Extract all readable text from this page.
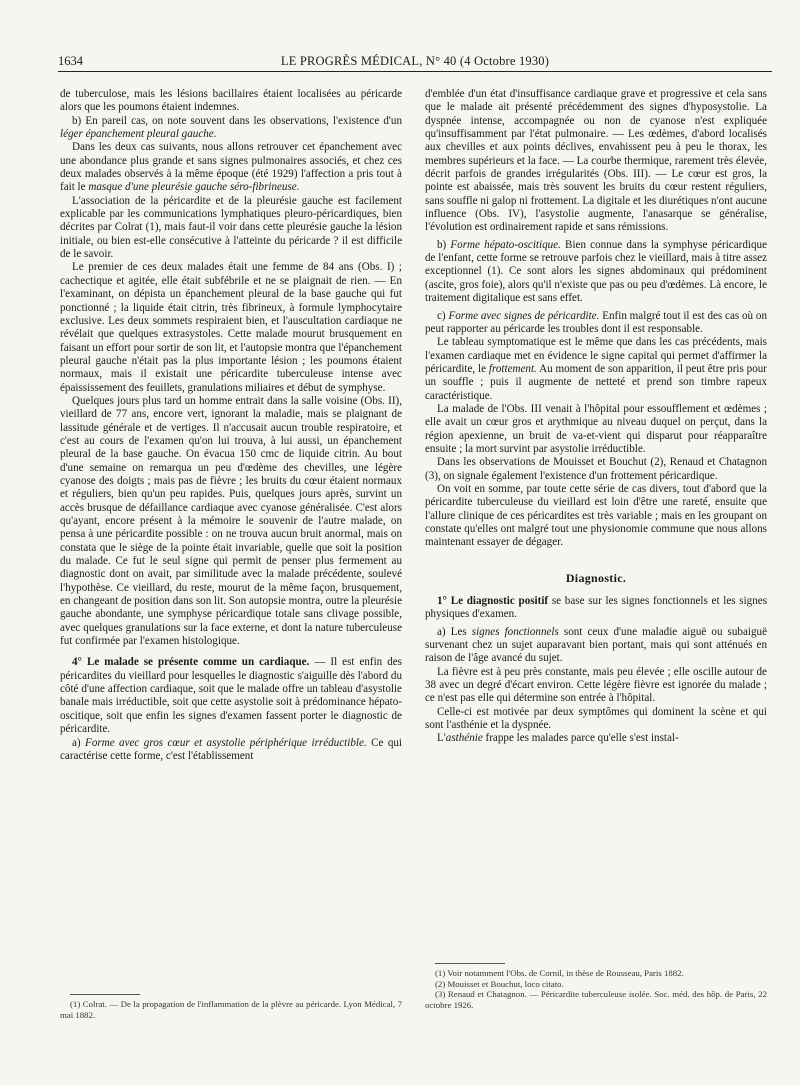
1634	LE PROGRÈS MÉDICAL, N° 40 (4 Octobre 1930)

de tuberculose, mais les lésions bacillaires étaient localisées au péricarde alors que les poumons étaient indemnes.

b) En pareil cas, on note souvent dans les observations, l'existence d'un léger épanchement pleural gauche.

Dans les deux cas suivants, nous allons retrouver cet épanchement avec une abondance plus grande et sans signes pulmonaires associés, et chez ces deux malades observés à la même époque (été 1929) l'affection a pris tout à fait le masque d'une pleurésie gauche séro-fibrineuse.

L'association de la péricardite et de la pleurésie gauche est facilement explicable par les communications lymphatiques pleuro-péricardiques, bien décrites par Colrat (1), mais faut-il voir dans cette pleurésie gauche la lésion initiale, ou bien est-elle consécutive à l'atteinte du péricarde ? il est difficile de le savoir.

Le premier de ces deux malades était une femme de 84 ans (Obs. I) ; cachectique et agitée, elle était subfébrile et ne se plaignait de rien. — En l'examinant, on dépista un épanchement pleural de la base gauche qui fut ponctionné ; la liquide était citrin, très fibrineux, à formule lymphocytaire exclusive. Les deux sommets respiraient bien, et l'auscultation cardiaque ne révélait que quelques extrasystoles. Cette malade mourut brusquement en faisant un effort pour sortir de son lit, et l'autopsie montra que l'épanchement pleural gauche n'était pas la plus importante lésion ; les poumons étaient normaux, mais il existait une péricardite tuberculeuse intense avec épaississement des feuillets, granulations miliaires et début de symphyse.

Quelques jours plus tard un homme entrait dans la salle voisine (Obs. II), vieillard de 77 ans, encore vert, ignorant la maladie, mais se plaignant de lassitude générale et de vertiges. Il n'accusait aucun trouble respiratoire, et c'est au cours de l'examen qu'on lui trouva, à lui aussi, un épanchement pleural de la base gauche. On évacua 150 cmc de liquide citrin. Au bout d'une semaine on remarqua un peu d'œdème des chevilles, une légère cyanose des doigts ; mais pas de fièvre ; les bruits du cœur étaient normaux et réguliers, bien qu'un peu rapides. Puis, quelques jours après, survint un accès brusque de défaillance cardiaque avec cyanose généralisée. C'est alors qu'ayant, encore présent à la mémoire le souvenir de l'autre malade, on pensa à une péricardite possible : on ne trouva aucun bruit anormal, mais on constata que le siège de la pointe était invariable, quelle que soit la position du malade. Ce fut le seul signe qui permit de penser plus fermement au diagnostic dont on avait, par similitude avec la malade précédente, soulevé l'hypothèse. Ce vieillard, du reste, mourut de la même façon, brusquement, en changeant de position dans son lit. Son autopsie montra, outre la pleurésie gauche abondante, une symphyse péricardique totale sans clivage possible, avec quelques granulations sur la face externe, et dont la nature tuberculeuse fut confirmée par l'examen histologique.

4° Le malade se présente comme un cardiaque. — Il est enfin des péricardites du vieillard pour lesquelles le diagnostic s'aiguille dès l'abord du côté d'une affection cardiaque, soit que le malade offre un tableau d'asystolie banale mais irréductible, soit que cette asystolie soit à prédominance hépato-oscitique, soit que enfin les signes d'examen fassent porter le diagnostic de péricardite.

a) Forme avec gros cœur et asystolie périphérique irréductible. Ce qui caractérise cette forme, c'est l'établissement

(1) Colrat. — De la propagation de l'inflammation de la plèvre au péricarde. Lyon Médical, 7 mai 1882.

d'emblée d'un état d'insuffisance cardiaque grave et progressive et cela sans que le malade ait présenté précédemment des signes d'hyposystolie. La dyspnée intense, accompagnée ou non de cyanose n'est expliquée qu'insuffisamment par l'état pulmonaire. — Les œdèmes, d'abord localisés aux chevilles et aux points déclives, envahissent peu à peu le thorax, les membres supérieurs et la face. — La courbe thermique, rarement très élevée, décrit parfois de grandes irrégularités (Obs. III). — Le cœur est gros, la pointe est abaissée, mais très souvent les bruits du cœur restent réguliers, sans souffle ni galop ni frottement. La digitale et les diurétiques n'ont aucune influence (Obs. IV), l'asystolie augmente, l'anasarque se généralise, l'évolution est ordinairement rapide et sans rémissions.

b) Forme hépato-oscitique. Bien connue dans la symphyse péricardique de l'enfant, cette forme se retrouve parfois chez le vieillard, mais à titre assez exceptionnel (1). Ce sont alors les signes abdominaux qui prédominent (ascite, gros foie), alors qu'il n'existe que pas ou peu d'œdèmes. Là encore, le traitement digitalique est sans effet.

c) Forme avec signes de péricardite. Enfin malgré tout il est des cas où on peut rapporter au péricarde les troubles dont il est responsable.

Le tableau symptomatique est le même que dans les cas précédents, mais l'examen cardiaque met en évidence le signe capital qui permet d'affirmer la péricardite, le frottement. Au moment de son apparition, il peut être pris pour un souffle ; puis il augmente de netteté et prend son timbre rapeux caractéristique.

La malade de l'Obs. III venait à l'hôpital pour essoufflement et œdèmes ; elle avait un cœur gros et arythmique au niveau duquel on perçut, dans la région apexienne, un bruit de va-et-vient qui disparut pour réapparaître ensuite ; la mort survint par asystolie irréductible.

Dans les observations de Mouisset et Bouchut (2), Renaud et Chatagnon (3), on signale également l'existence d'un frottement péricardique.

On voit en somme, par toute cette série de cas divers, tout d'abord que la péricardite tuberculeuse du vieillard est loin d'être une rareté, ensuite que l'allure clinique de ces péricardites est très variable ; mais en les groupant on constate qu'elles ont malgré tout une physionomie commune que nous allons maintenant essayer de dégager.

Diagnostic.

1° Le diagnostic positif se base sur les signes fonctionnels et les signes physiques d'examen.

a) Les signes fonctionnels sont ceux d'une maladie aiguë ou subaiguë survenant chez un sujet auparavant bien portant, mais qui sont atténués en raison de l'âge avancé du sujet.

La fièvre est à peu près constante, mais peu élevée ; elle oscille autour de 38 avec un degré d'écart environ. Cette légère fièvre est ignorée du malade ; ce n'est pas elle qui détermine son entrée à l'hôpital.

Celle-ci est motivée par deux symptômes qui dominent la scène et qui sont l'asthénie et la dyspnée.

L'asthénie frappe les malades parce qu'elle s'est instal-

(1) Voir notamment l'Obs. de Cornil, in thèse de Rousseau, Paris 1882.
(2) Mouisset et Bouchut, loco citato.
(3) Renaud et Chatagnon. — Péricardite tuberculeuse isolée. Soc. méd. des hôp. de Paris, 22 octobre 1926.
